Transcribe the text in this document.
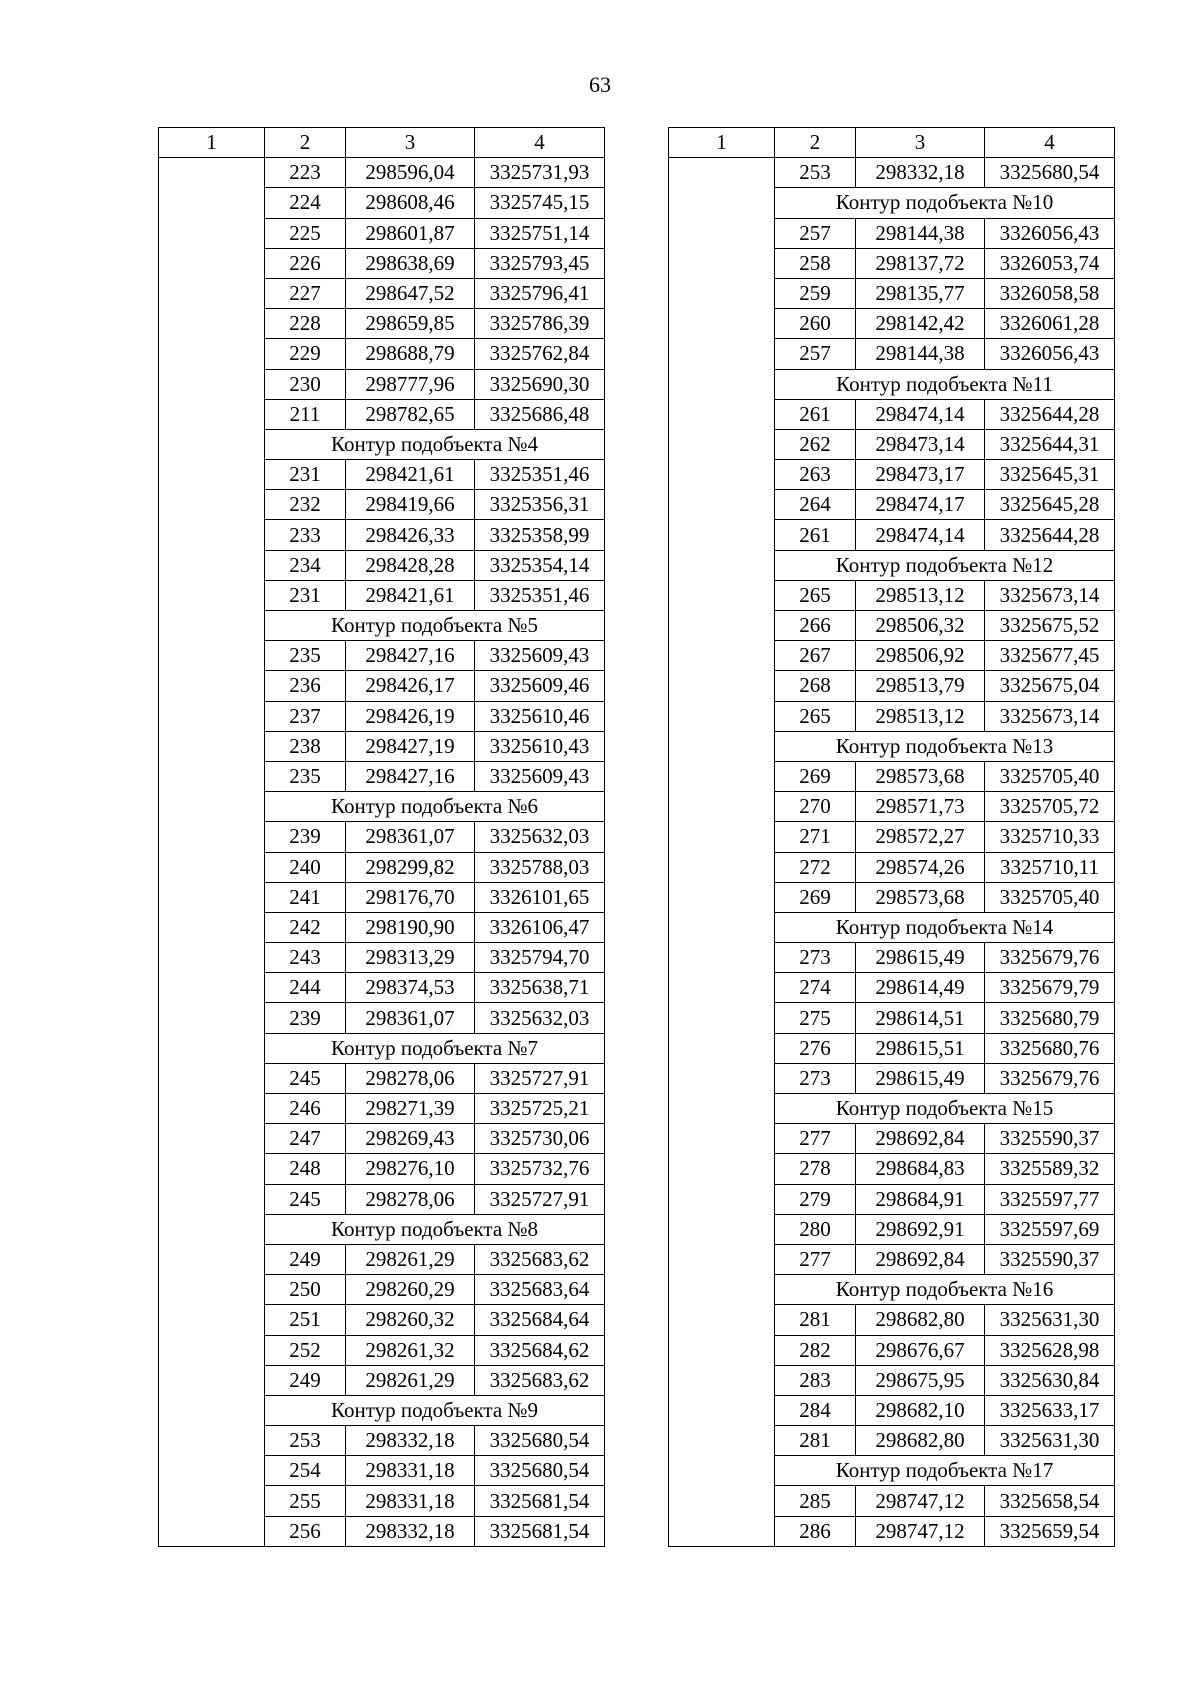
63
1	2	3	4
	223	298596,04	3325731,93
	224	298608,46	3325745,15
	225	298601,87	3325751,14
	226	298638,69	3325793,45
	227	298647,52	3325796,41
	228	298659,85	3325786,39
	229	298688,79	3325762,84
	230	298777,96	3325690,30
	211	298782,65	3325686,48
	Контур подобъекта №4		
	231	298421,61	3325351,46
	232	298419,66	3325356,31
	233	298426,33	3325358,99
	234	298428,28	3325354,14
	231	298421,61	3325351,46
	Контур подобъекта №5		
	235	298427,16	3325609,43
	236	298426,17	3325609,46
	237	298426,19	3325610,46
	238	298427,19	3325610,43
	235	298427,16	3325609,43
	Контур подобъекта №6		
	239	298361,07	3325632,03
	240	298299,82	3325788,03
	241	298176,70	3326101,65
	242	298190,90	3326106,47
	243	298313,29	3325794,70
	244	298374,53	3325638,71
	239	298361,07	3325632,03
	Контур подобъекта №7		
	245	298278,06	3325727,91
	246	298271,39	3325725,21
	247	298269,43	3325730,06
	248	298276,10	3325732,76
	245	298278,06	3325727,91
	Контур подобъекта №8		
	249	298261,29	3325683,62
	250	298260,29	3325683,64
	251	298260,32	3325684,64
	252	298261,32	3325684,62
	249	298261,29	3325683,62
	Контур подобъекта №9		
	253	298332,18	3325680,54
	254	298331,18	3325680,54
	255	298331,18	3325681,54
	256	298332,18	3325681,54
1	2	3	4
	253	298332,18	3325680,54
	Контур подобъекта №10		
	257	298144,38	3326056,43
	258	298137,72	3326053,74
	259	298135,77	3326058,58
	260	298142,42	3326061,28
	257	298144,38	3326056,43
	Контур подобъекта №11		
	261	298474,14	3325644,28
	262	298473,14	3325644,31
	263	298473,17	3325645,31
	264	298474,17	3325645,28
	261	298474,14	3325644,28
	Контур подобъекта №12		
	265	298513,12	3325673,14
	266	298506,32	3325675,52
	267	298506,92	3325677,45
	268	298513,79	3325675,04
	265	298513,12	3325673,14
	Контур подобъекта №13		
	269	298573,68	3325705,40
	270	298571,73	3325705,72
	271	298572,27	3325710,33
	272	298574,26	3325710,11
	269	298573,68	3325705,40
	Контур подобъекта №14		
	273	298615,49	3325679,76
	274	298614,49	3325679,79
	275	298614,51	3325680,79
	276	298615,51	3325680,76
	273	298615,49	3325679,76
	Контур подобъекта №15		
	277	298692,84	3325590,37
	278	298684,83	3325589,32
	279	298684,91	3325597,77
	280	298692,91	3325597,69
	277	298692,84	3325590,37
	Контур подобъекта №16		
	281	298682,80	3325631,30
	282	298676,67	3325628,98
	283	298675,95	3325630,84
	284	298682,10	3325633,17
	281	298682,80	3325631,30
	Контур подобъекта №17		
	285	298747,12	3325658,54
	286	298747,12	3325659,54
